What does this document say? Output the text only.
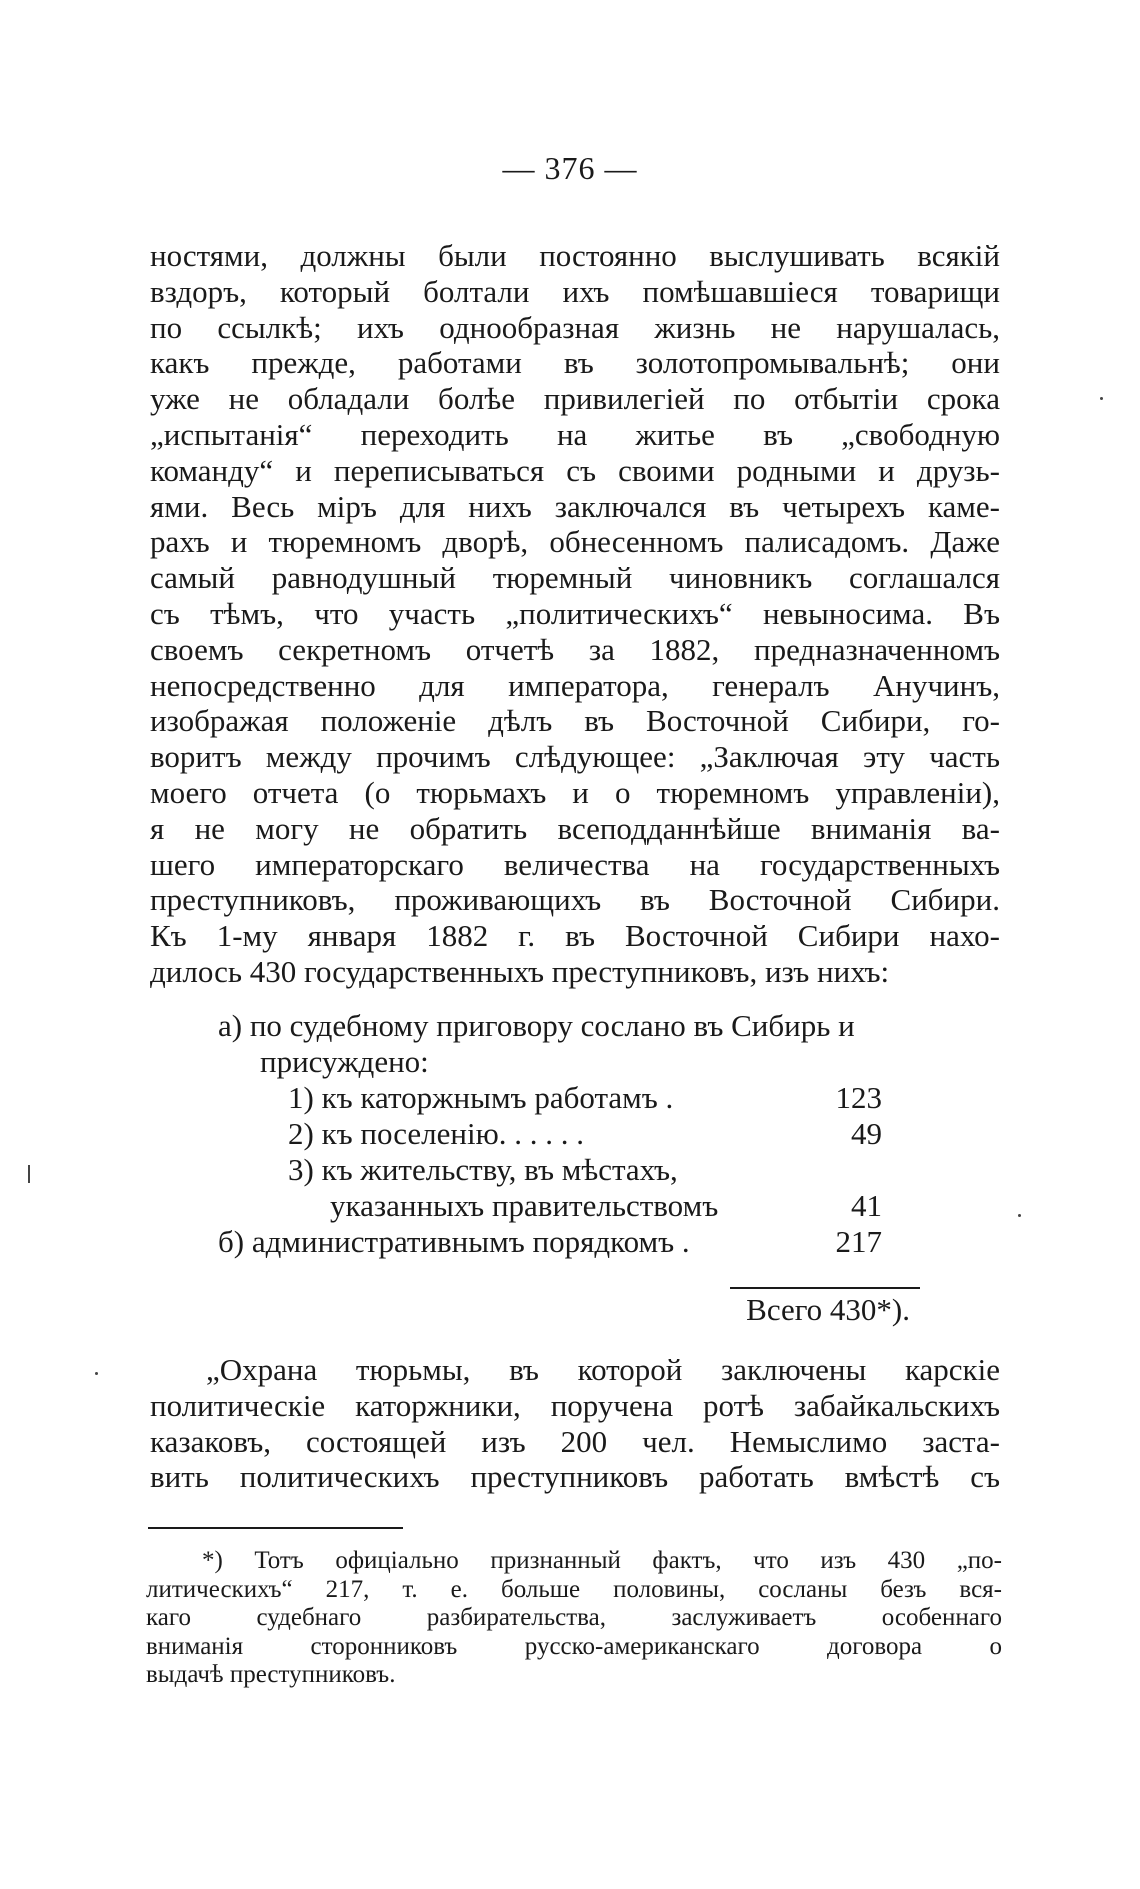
— 376 —
ностями, должны были постоянно выслушивать всякій
вздоръ, который болтали ихъ помѣшавшіеся товарищи
по ссылкѣ; ихъ однообразная жизнь не нарушалась,
какъ прежде, работами въ золотопромывальнѣ; они
уже не обладали болѣе привилегіей по отбытіи срока
„испытанія“ переходить на житье въ „свободную
команду“ и переписываться съ своими родными и друзь-
ями. Весь міръ для нихъ заключался въ четырехъ каме-
рахъ и тюремномъ дворѣ, обнесенномъ палисадомъ. Даже
самый равнодушный тюремный чиновникъ соглашался
съ тѣмъ, что участь „политическихъ“ невыносима. Въ
своемъ секретномъ отчетѣ за 1882, предназначенномъ
непосредственно для императора, генералъ Анучинъ,
изображая положеніе дѣлъ въ Восточной Сибири, го-
воритъ между прочимъ слѣдующее: „Заключая эту часть
моего отчета (о тюрьмахъ и о тюремномъ управленіи),
я не могу не обратить всеподданнѣйше вниманія ва-
шего императорскаго величества на государственныхъ
преступниковъ, проживающихъ въ Восточной Сибири.
Къ 1-му января 1882 г. въ Восточной Сибири нахо-
дилось 430 государственныхъ преступниковъ, изъ нихъ:
а) по судебному приговору сослано въ Сибирь и
присуждено:
1) къ каторжнымъ работамъ .	123
2) къ поселенію. . . . . .	49
3) къ жительству, въ мѣстахъ,
указанныхъ правительствомъ	41
б) административнымъ порядкомъ .	217
Всего 430*).
„Охрана тюрьмы, въ которой заключены карскіе
политическіе каторжники, поручена ротѣ забайкальскихъ
казаковъ, состоящей изъ 200 чел. Немыслимо заста-
вить политическихъ преступниковъ работать вмѣстѣ съ
*) Тотъ офиціально признанный фактъ, что изъ 430 „по-
литическихъ“ 217, т. е. больше половины, сосланы безъ вся-
каго судебнаго разбирательства, заслуживаетъ особеннаго
вниманія сторонниковъ русско-американскаго договора о
выдачѣ преступниковъ.
